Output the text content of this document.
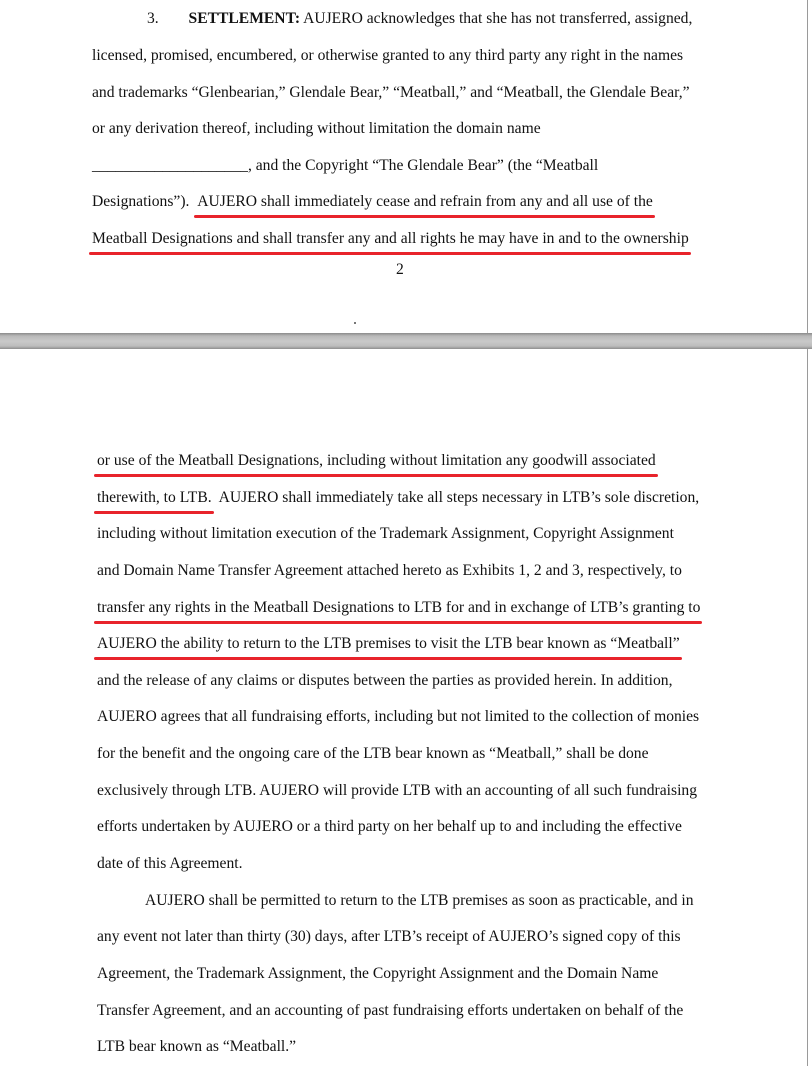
3. SETTLEMENT: AUJERO acknowledges that she has not transferred, assigned,
licensed, promised, encumbered, or otherwise granted to any third party any right in the names
and trademarks “Glenbearian,” Glendale Bear,” “Meatball,” and “Meatball, the Glendale Bear,”
or any derivation thereof, including without limitation the domain name
____________________, and the Copyright “The Glendale Bear” (the “Meatball
Designations”). AUJERO shall immediately cease and refrain from any and all use of the
Meatball Designations and shall transfer any and all rights he may have in and to the ownership
2
or use of the Meatball Designations, including without limitation any goodwill associated
therewith, to LTB. AUJERO shall immediately take all steps necessary in LTB’s sole discretion,
including without limitation execution of the Trademark Assignment, Copyright Assignment
and Domain Name Transfer Agreement attached hereto as Exhibits 1, 2 and 3, respectively, to
transfer any rights in the Meatball Designations to LTB for and in exchange of LTB’s granting to
AUJERO the ability to return to the LTB premises to visit the LTB bear known as “Meatball”
and the release of any claims or disputes between the parties as provided herein. In addition,
AUJERO agrees that all fundraising efforts, including but not limited to the collection of monies
for the benefit and the ongoing care of the LTB bear known as “Meatball,” shall be done
exclusively through LTB. AUJERO will provide LTB with an accounting of all such fundraising
efforts undertaken by AUJERO or a third party on her behalf up to and including the effective
date of this Agreement.
AUJERO shall be permitted to return to the LTB premises as soon as practicable, and in
any event not later than thirty (30) days, after LTB’s receipt of AUJERO’s signed copy of this
Agreement, the Trademark Assignment, the Copyright Assignment and the Domain Name
Transfer Agreement, and an accounting of past fundraising efforts undertaken on behalf of the
LTB bear known as “Meatball.”
